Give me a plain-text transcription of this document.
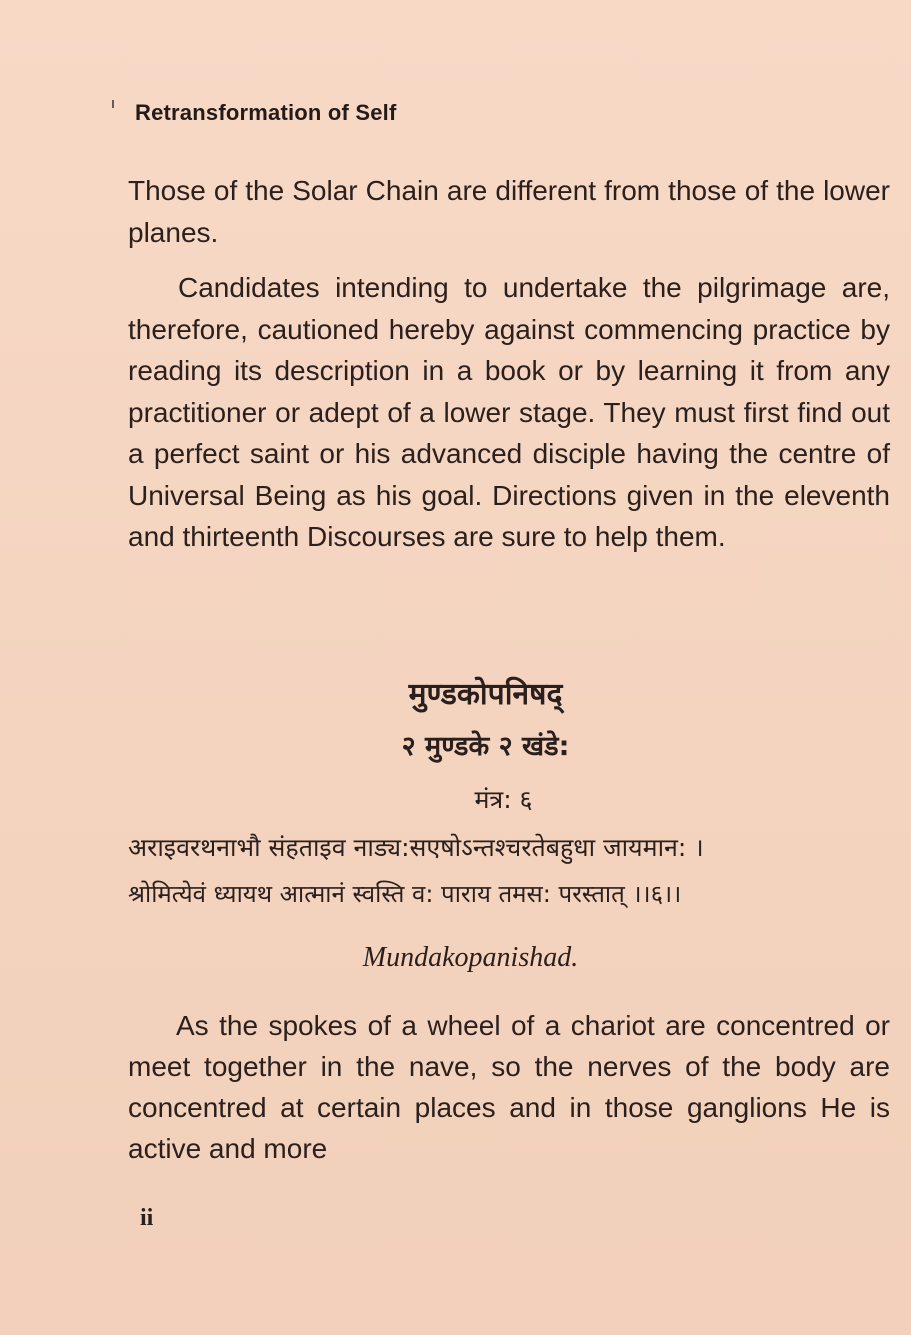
Retransformation of Self

Those of the Solar Chain are different from those of the lower planes.

Candidates intending to undertake the pilgrimage are, therefore, cautioned hereby against commencing practice by reading its description in a book or by learning it from any practitioner or adept of a lower stage. They must first find out a perfect saint or his advanced disciple having the centre of Universal Being as his goal. Directions given in the eleventh and thirteenth Discourses are sure to help them.

मुण्डकोपनिषद्
२ मुण्डके २ खंडे:
मंत्र: ६
अराइवरथनाभौ संहताइव नाड्य:सएषोऽन्तश्चरतेबहुधा जायमान: ।
श्रोमित्येवं ध्यायथ आत्मानं स्वस्ति व: पाराय तमस: परस्तात् ।।६।।
Mundakopanishad.

As the spokes of a wheel of a chariot are concentred or meet together in the nave, so the nerves of the body are concentred at certain places and in those ganglions He is active and more

ii
